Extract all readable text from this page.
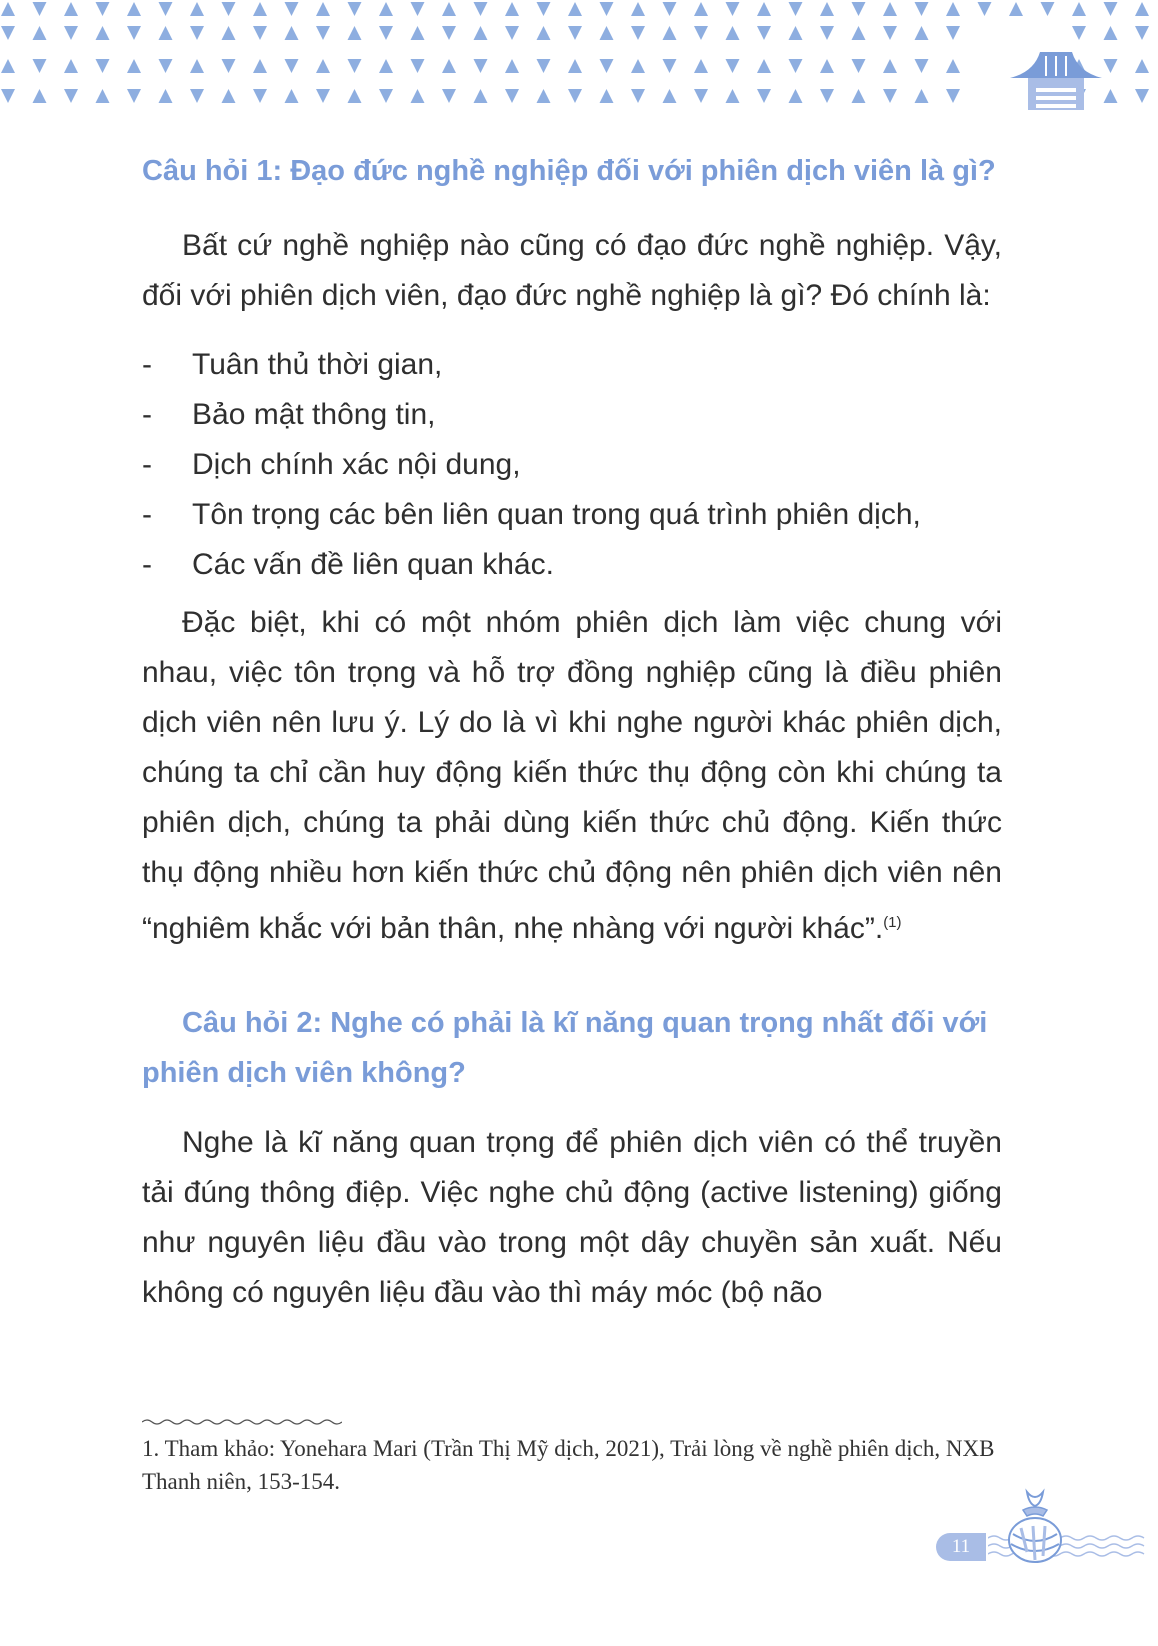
Câu hỏi 1: Đạo đức nghề nghiệp đối với phiên dịch viên là gì?
Bất cứ nghề nghiệp nào cũng có đạo đức nghề nghiệp. Vậy, đối với phiên dịch viên, đạo đức nghề nghiệp là gì? Đó chính là:
-	Tuân thủ thời gian,
-	Bảo mật thông tin,
-	Dịch chính xác nội dung,
-	Tôn trọng các bên liên quan trong quá trình phiên dịch,
-	Các vấn đề liên quan khác.
Đặc biệt, khi có một nhóm phiên dịch làm việc chung với nhau, việc tôn trọng và hỗ trợ đồng nghiệp cũng là điều phiên dịch viên nên lưu ý. Lý do là vì khi nghe người khác phiên dịch, chúng ta chỉ cần huy động kiến thức thụ động còn khi chúng ta phiên dịch, chúng ta phải dùng kiến thức chủ động. Kiến thức thụ động nhiều hơn kiến thức chủ động nên phiên dịch viên nên “nghiêm khắc với bản thân, nhẹ nhàng với người khác”.$^{(1)}$
Câu hỏi 2: Nghe có phải là kĩ năng quan trọng nhất đối với phiên dịch viên không?
Nghe là kĩ năng quan trọng để phiên dịch viên có thể truyền tải đúng thông điệp. Việc nghe chủ động (active listening) giống như nguyên liệu đầu vào trong một dây chuyền sản xuất. Nếu không có nguyên liệu đầu vào thì máy móc (bộ não
1. Tham khảo: Yonehara Mari (Trần Thị Mỹ dịch, 2021), Trải lòng về nghề phiên dịch, NXB Thanh niên, 153-154.
11
